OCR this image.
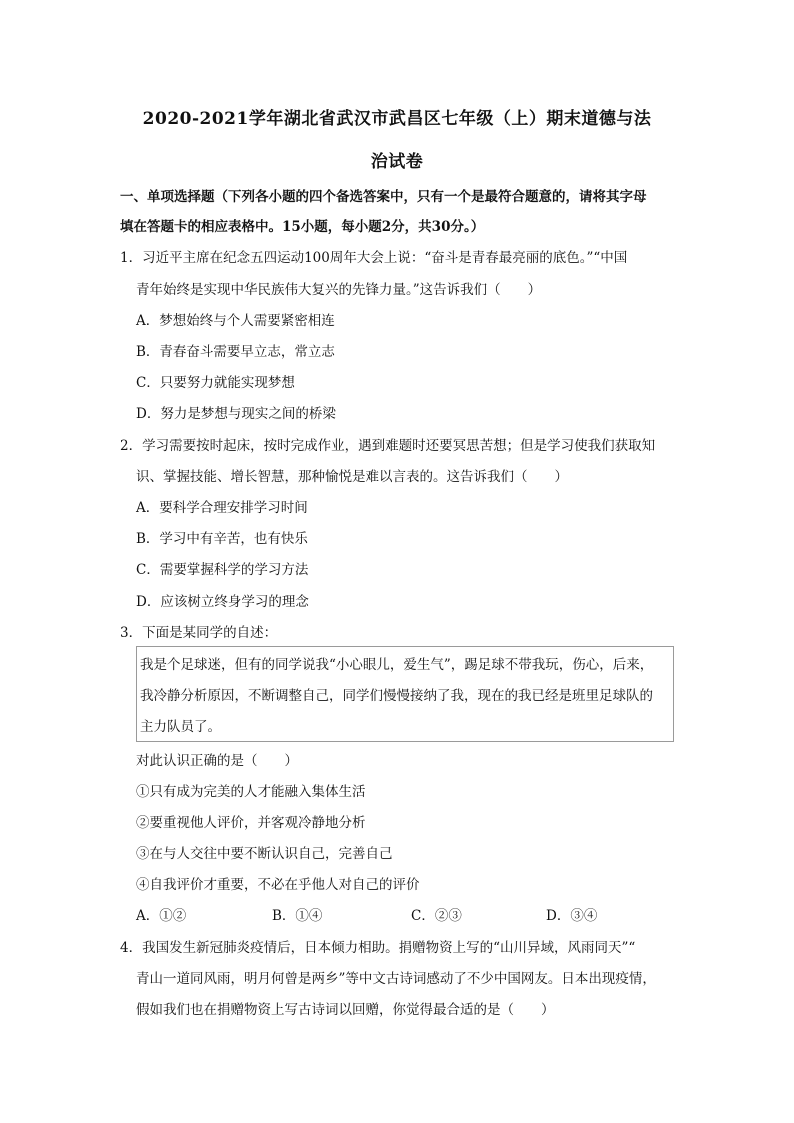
2020-2021学年湖北省武汉市武昌区七年级（上）期末道德与法
治试卷
一、单项选择题（下列各小题的四个备选答案中，只有一个是最符合题意的，请将其字母
填在答题卡的相应表格中。15小题，每小题2分，共30分。）
1．习近平主席在纪念五四运动100周年大会上说：“奋斗是青春最亮丽的底色。”“中国
青年始终是实现中华民族伟大复兴的先锋力量。”这告诉我们（　　）
A．梦想始终与个人需要紧密相连
B．青春奋斗需要早立志，常立志
C．只要努力就能实现梦想
D．努力是梦想与现实之间的桥梁
2．学习需要按时起床，按时完成作业，遇到难题时还要冥思苦想；但是学习使我们获取知
识、掌握技能、增长智慧，那种愉悦是难以言表的。这告诉我们（　　）
A．要科学合理安排学习时间
B．学习中有辛苦，也有快乐
C．需要掌握科学的学习方法
D．应该树立终身学习的理念
3．下面是某同学的自述：
我是个足球迷，但有的同学说我“小心眼儿，爱生气”，踢足球不带我玩，伤心，后来，
我冷静分析原因，不断调整自己，同学们慢慢接纳了我，现在的我已经是班里足球队的
主力队员了。
对此认识正确的是（　　）
①只有成为完美的人才能融入集体生活
②要重视他人评价，并客观冷静地分析
③在与人交往中要不断认识自己，完善自己
④自我评价才重要，不必在乎他人对自己的评价
A．①②	B．①④	C．②③	D．③④
4．我国发生新冠肺炎疫情后，日本倾力相助。捐赠物资上写的“山川异域，风雨同天”“
青山一道同风雨，明月何曾是两乡”等中文古诗词感动了不少中国网友。日本出现疫情，
假如我们也在捐赠物资上写古诗词以回赠，你觉得最合适的是（　　）
